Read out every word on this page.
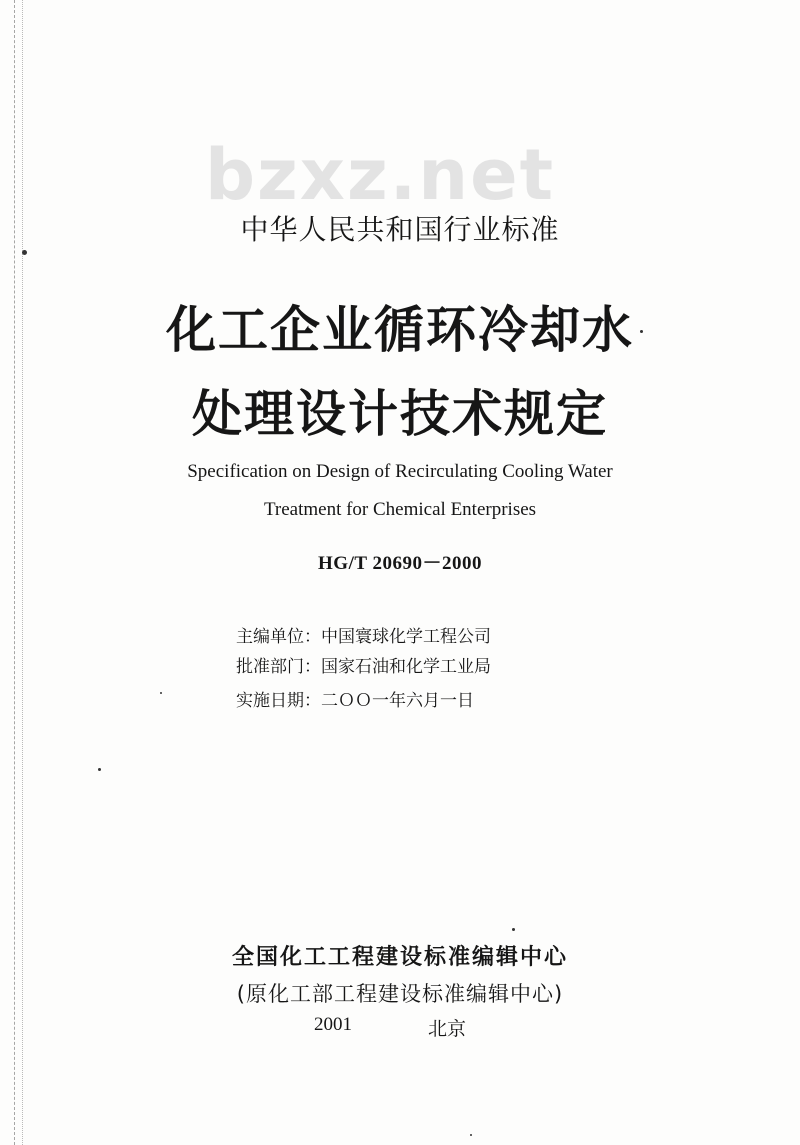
bzxz.net
中华人民共和国行业标准
化工企业循环冷却水
处理设计技术规定
Specification on Design of Recirculating Cooling Water
Treatment for Chemical Enterprises
HG/T 20690－2000
主编单位：中国寰球化学工程公司
批准部门：国家石油和化学工业局
实施日期：二ＯＯ一年六月一日
全国化工工程建设标准编辑中心
(原化工部工程建设标准编辑中心)
2001	北京
